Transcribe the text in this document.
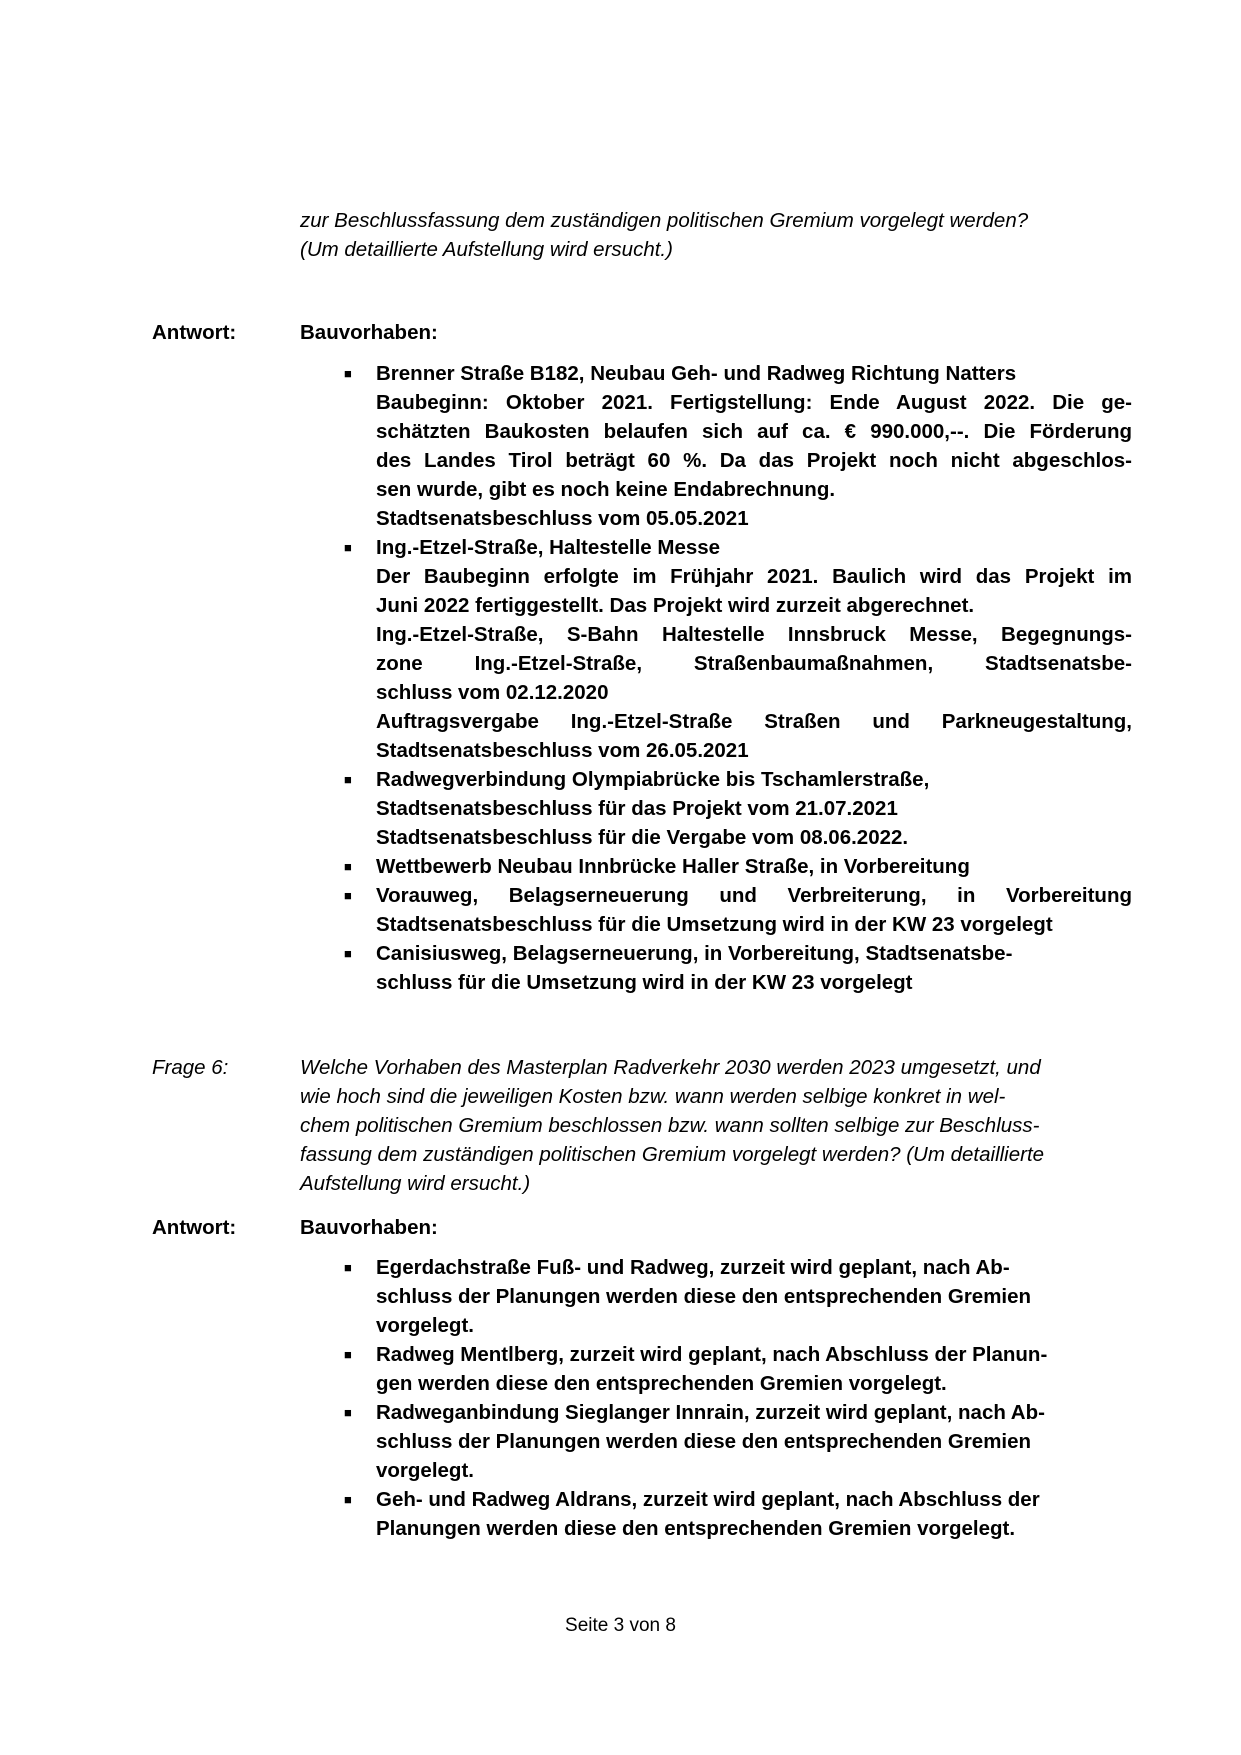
zur Beschlussfassung dem zuständigen politischen Gremium vorgelegt werden?
(Um detaillierte Aufstellung wird ersucht.)
Antwort:	Bauvorhaben:
■ Brenner Straße B182, Neubau Geh- und Radweg Richtung Natters
Baubeginn: Oktober 2021. Fertigstellung: Ende August 2022. Die ge-
schätzten Baukosten belaufen sich auf ca. € 990.000,--. Die Förderung
des Landes Tirol beträgt 60 %. Da das Projekt noch nicht abgeschlos-
sen wurde, gibt es noch keine Endabrechnung.
Stadtsenatsbeschluss vom 05.05.2021
■ Ing.-Etzel-Straße, Haltestelle Messe
Der Baubeginn erfolgte im Frühjahr 2021. Baulich wird das Projekt im
Juni 2022 fertiggestellt. Das Projekt wird zurzeit abgerechnet.
Ing.-Etzel-Straße, S-Bahn Haltestelle Innsbruck Messe, Begegnungs-
zone Ing.-Etzel-Straße, Straßenbaumaßnahmen, Stadtsenatsbe-
schluss vom 02.12.2020
Auftragsvergabe Ing.-Etzel-Straße Straßen und Parkneugestaltung,
Stadtsenatsbeschluss vom 26.05.2021
■ Radwegverbindung Olympiabrücke bis Tschamlerstraße,
Stadtsenatsbeschluss für das Projekt vom 21.07.2021
Stadtsenatsbeschluss für die Vergabe vom 08.06.2022.
■ Wettbewerb Neubau Innbrücke Haller Straße, in Vorbereitung
■ Vorauweg, Belagserneuerung und Verbreiterung, in Vorbereitung
Stadtsenatsbeschluss für die Umsetzung wird in der KW 23 vorgelegt
■ Canisiusweg, Belagserneuerung, in Vorbereitung, Stadtsenatsbe-
schluss für die Umsetzung wird in der KW 23 vorgelegt
Frage 6:	Welche Vorhaben des Masterplan Radverkehr 2030 werden 2023 umgesetzt, und
wie hoch sind die jeweiligen Kosten bzw. wann werden selbige konkret in wel-
chem politischen Gremium beschlossen bzw. wann sollten selbige zur Beschluss-
fassung dem zuständigen politischen Gremium vorgelegt werden? (Um detaillierte
Aufstellung wird ersucht.)
Antwort:	Bauvorhaben:
■ Egerdachstraße Fuß- und Radweg, zurzeit wird geplant, nach Ab-
schluss der Planungen werden diese den entsprechenden Gremien
vorgelegt.
■ Radweg Mentlberg, zurzeit wird geplant, nach Abschluss der Planun-
gen werden diese den entsprechenden Gremien vorgelegt.
■ Radweganbindung Sieglanger Innrain, zurzeit wird geplant, nach Ab-
schluss der Planungen werden diese den entsprechenden Gremien
vorgelegt.
■ Geh- und Radweg Aldrans, zurzeit wird geplant, nach Abschluss der
Planungen werden diese den entsprechenden Gremien vorgelegt.
Seite 3 von 8
